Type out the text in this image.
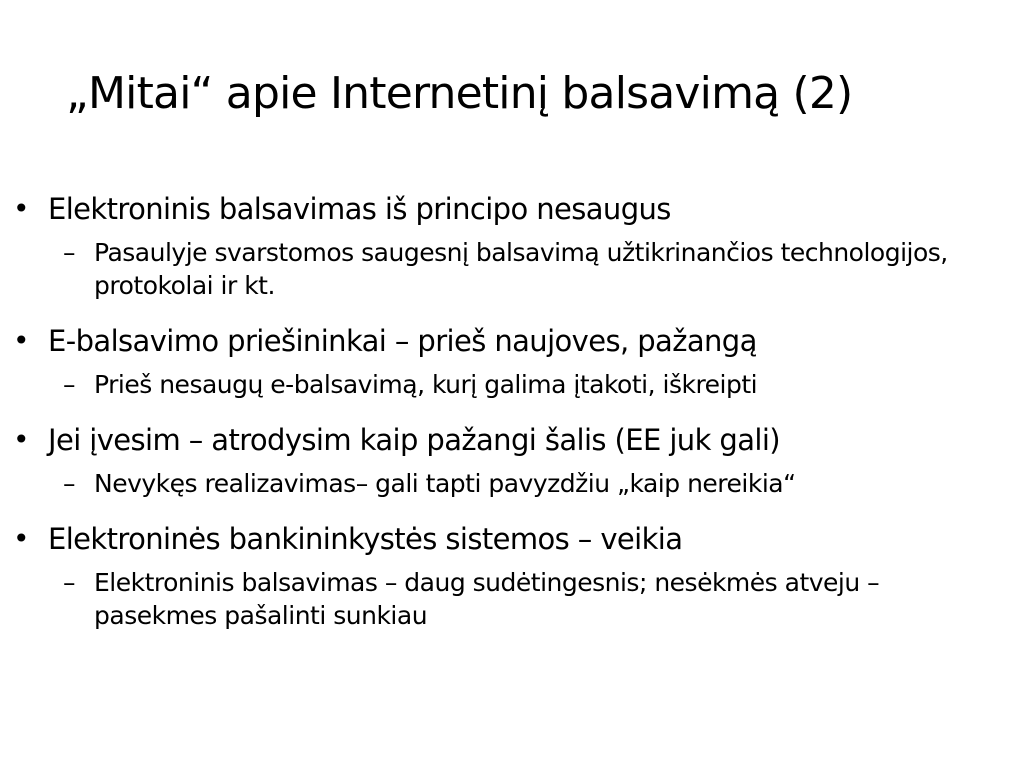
„Mitai“ apie Internetinį balsavimą (2)
• Elektroninis balsavimas iš principo nesaugus
– Pasaulyje svarstomos saugesnį balsavimą užtikrinančios technologijos, protokolai ir kt.
• E-balsavimo priešininkai – prieš naujoves, pažangą
– Prieš nesaugų e-balsavimą, kurį galima įtakoti, iškreipti
• Jei įvesim – atrodysim kaip pažangi šalis (EE juk gali)
– Nevykęs realizavimas– gali tapti pavyzdžiu „kaip nereikia“
• Elektroninės bankininkystės sistemos – veikia
– Elektroninis balsavimas – daug sudėtingesnis; nesėkmės atveju – pasekmes pašalinti sunkiau
